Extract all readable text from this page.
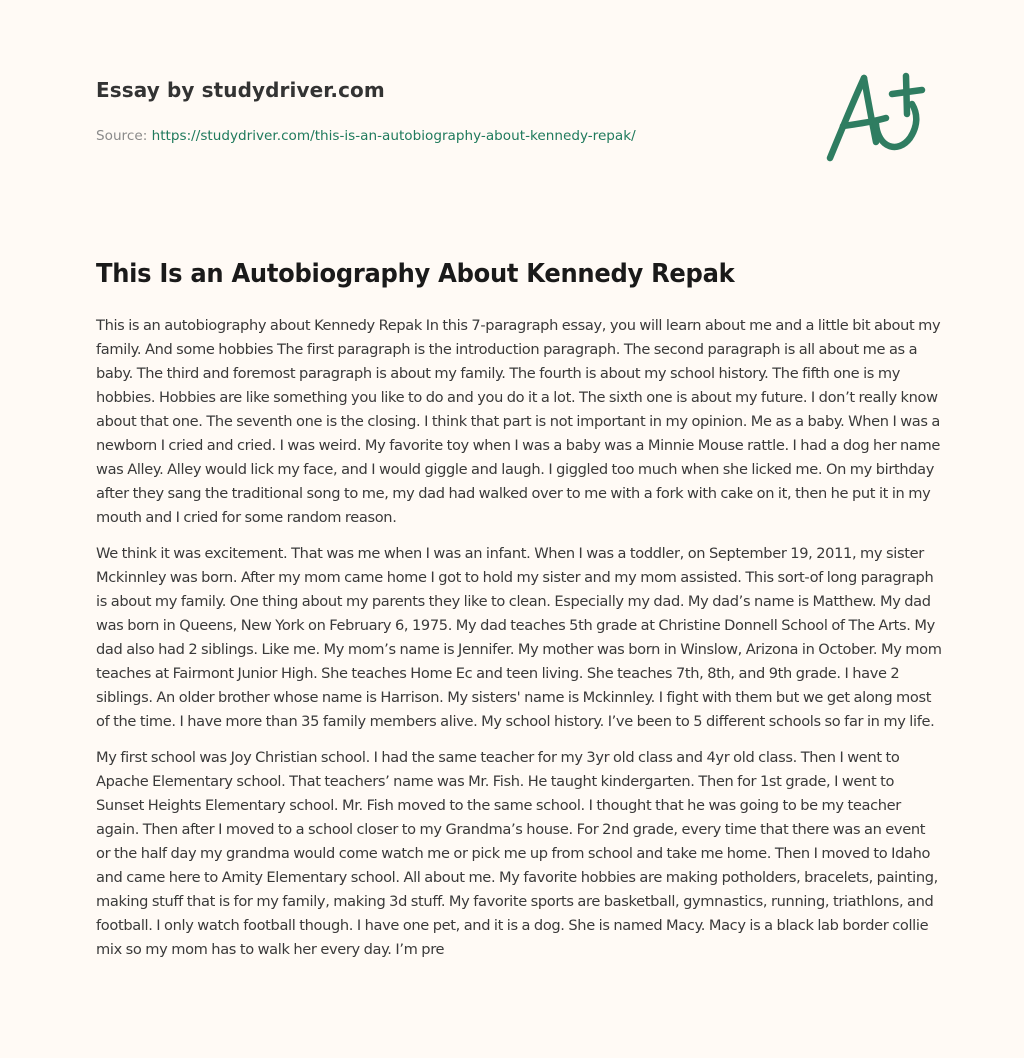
Essay by studydriver.com
Source: https://studydriver.com/this-is-an-autobiography-about-kennedy-repak/
This Is an Autobiography About Kennedy Repak

This is an autobiography about Kennedy Repak In this 7-paragraph essay, you will learn about me and a little bit about my family. And some hobbies The first paragraph is the introduction paragraph. The second paragraph is all about me as a baby. The third and foremost paragraph is about my family. The fourth is about my school history. The fifth one is my hobbies. Hobbies are like something you like to do and you do it a lot. The sixth one is about my future. I don’t really know about that one. The seventh one is the closing. I think that part is not important in my opinion. Me as a baby. When I was a newborn I cried and cried. I was weird. My favorite toy when I was a baby was a Minnie Mouse rattle. I had a dog her name was Alley. Alley would lick my face, and I would giggle and laugh. I giggled too much when she licked me. On my birthday after they sang the traditional song to me, my dad had walked over to me with a fork with cake on it, then he put it in my mouth and I cried for some random reason.

We think it was excitement. That was me when I was an infant. When I was a toddler, on September 19, 2011, my sister Mckinnley was born. After my mom came home I got to hold my sister and my mom assisted. This sort-of long paragraph is about my family. One thing about my parents they like to clean. Especially my dad. My dad’s name is Matthew. My dad was born in Queens, New York on February 6, 1975. My dad teaches 5th grade at Christine Donnell School of The Arts. My dad also had 2 siblings. Like me. My mom’s name is Jennifer. My mother was born in Winslow, Arizona in October. My mom teaches at Fairmont Junior High. She teaches Home Ec and teen living. She teaches 7th, 8th, and 9th grade. I have 2 siblings. An older brother whose name is Harrison. My sisters' name is Mckinnley. I fight with them but we get along most of the time. I have more than 35 family members alive. My school history. I’ve been to 5 different schools so far in my life.

My first school was Joy Christian school. I had the same teacher for my 3yr old class and 4yr old class. Then I went to Apache Elementary school. That teachers’ name was Mr. Fish. He taught kindergarten. Then for 1st grade, I went to Sunset Heights Elementary school. Mr. Fish moved to the same school. I thought that he was going to be my teacher again. Then after I moved to a school closer to my Grandma’s house. For 2nd grade, every time that there was an event or the half day my grandma would come watch me or pick me up from school and take me home. Then I moved to Idaho and came here to Amity Elementary school. All about me. My favorite hobbies are making potholders, bracelets, painting, making stuff that is for my family, making 3d stuff. My favorite sports are basketball, gymnastics, running, triathlons, and football. I only watch football though. I have one pet, and it is a dog. She is named Macy. Macy is a black lab border collie mix so my mom has to walk her every day. I’m pre
